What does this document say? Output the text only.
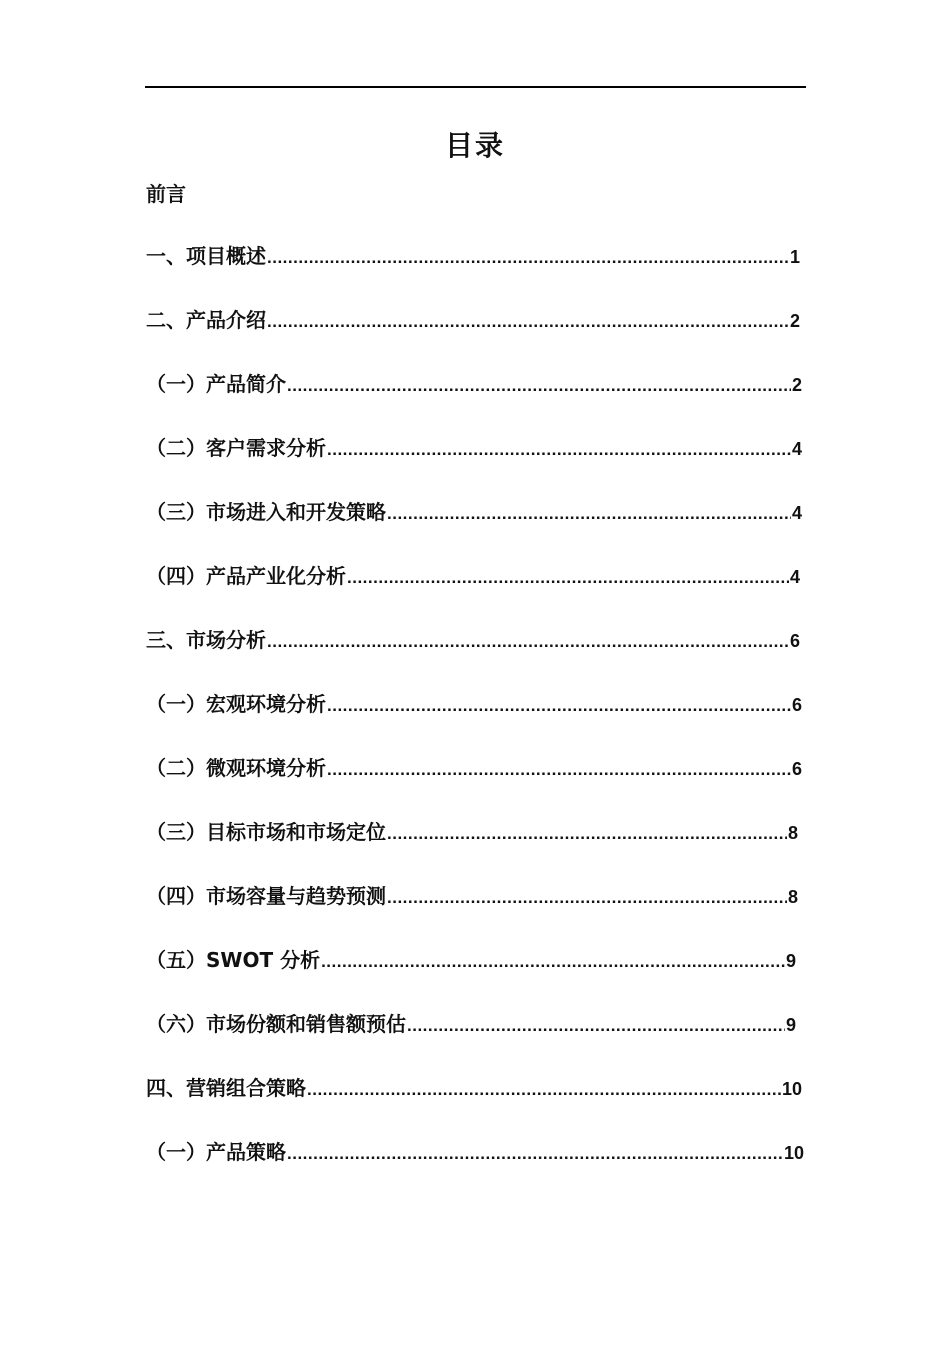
目录
前言
一、项目概述 .....	1
二、产品介绍 .....	2
（一）产品简介 .....	2
（二）客户需求分析 .....	4
（三）市场进入和开发策略 .....	4
（四）产品产业化分析 .....	4
三、市场分析 .....	6
（一）宏观环境分析 .....	6
（二）微观环境分析 .....	6
（三）目标市场和市场定位 .....	8
（四）市场容量与趋势预测 .....	8
（五）SWOT 分析 .....	9
（六）市场份额和销售额预估 .....	9
四、营销组合策略 .....	10
（一）产品策略 .....	10
